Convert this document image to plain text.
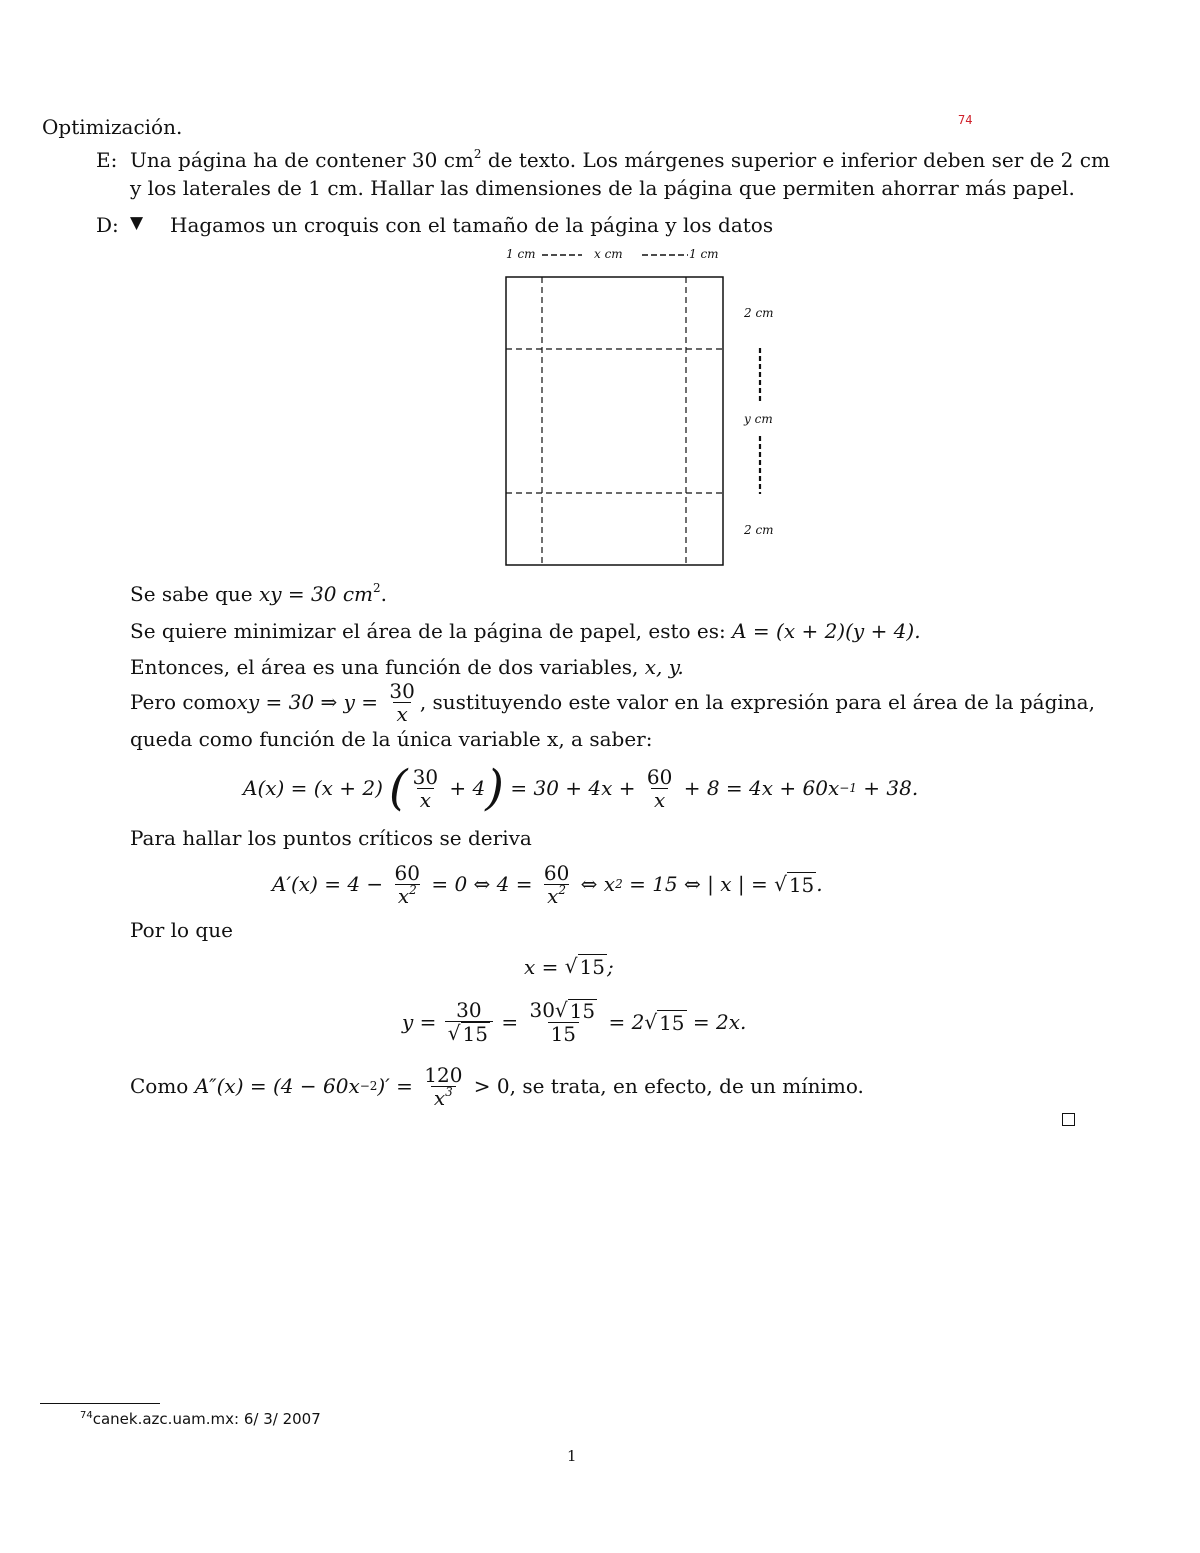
Optimización.	74
E: Una página ha de contener 30 $cm^2$ de texto. Los márgenes superior e inferior deben ser de 2 cm
y los laterales de 1 cm. Hallar las dimensiones de la página que permiten ahorrar más papel.
D: ▼ Hagamos un croquis con el tamaño de la página y los datos
1 cm	x cm	1 cm
2 cm
y cm
2 cm
Se sabe que xy = 30 $cm^2$.
Se quiere minimizar el área de la página de papel, esto es: A = (x + 2)(y + 4).
Entonces, el área es una función de dos variables, x, y.
Pero como xy = 30 ⇒ $y = \frac{30}{x}$ , sustituyendo este valor en la expresión para el área de la página,
queda como función de la única variable x, a saber:
A(x) = (x + 2) ( $\frac{30}{x} + 4$ ) = $30 + 4x + \frac{60}{x} + 8 = 4x + 60x -1 + 38$.
Para hallar los puntos críticos se deriva
$A'(x) = 4 - \frac{60}{x^2} = 0$ ⇔ $4 = \frac{60}{x^2}$ ⇔ x 2 = 15 ⇔ | x | = √ 15 .
Por lo que
x = √ 15 ;
$y = \frac{30}{√ 15} = \frac{30 √ 15}{15} = 2$ √ 15 = 2x.
Como A″(x) = (4 − 60x −2 )′ = $\frac{120}{x^3} > 0$, se trata, en efecto, de un mínimo.
$^{74}$canek.azc.uam.mx: 6/ 3/ 2007
1
